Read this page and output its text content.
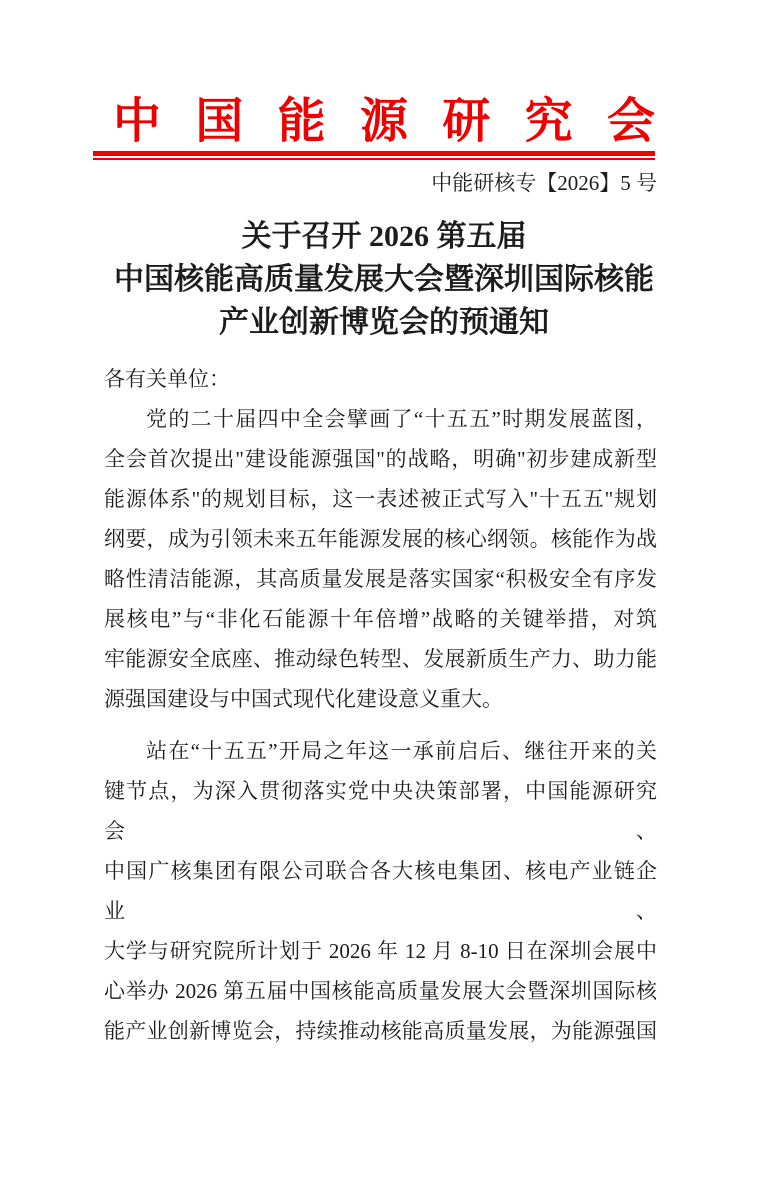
中 国 能 源 研 究 会
中能研核专【2026】5 号
关于召开 2026 第五届
中国核能高质量发展大会暨深圳国际核能
产业创新博览会的预通知
各有关单位：
党的二十届四中全会擘画了“十五五”时期发展蓝图，
全会首次提出"建设能源强国"的战略，明确"初步建成新型
能源体系"的规划目标，这一表述被正式写入"十五五"规划
纲要，成为引领未来五年能源发展的核心纲领。核能作为战
略性清洁能源，其高质量发展是落实国家“积极安全有序发
展核电”与“非化石能源十年倍增”战略的关键举措，对筑
牢能源安全底座、推动绿色转型、发展新质生产力、助力能
源强国建设与中国式现代化建设意义重大。
站在“十五五”开局之年这一承前启后、继往开来的关
键节点，为深入贯彻落实党中央决策部署，中国能源研究会、
中国广核集团有限公司联合各大核电集团、核电产业链企业、
大学与研究院所计划于 2026 年 12 月 8-10 日在深圳会展中
心举办 2026 第五届中国核能高质量发展大会暨深圳国际核
能产业创新博览会，持续推动核能高质量发展，为能源强国
